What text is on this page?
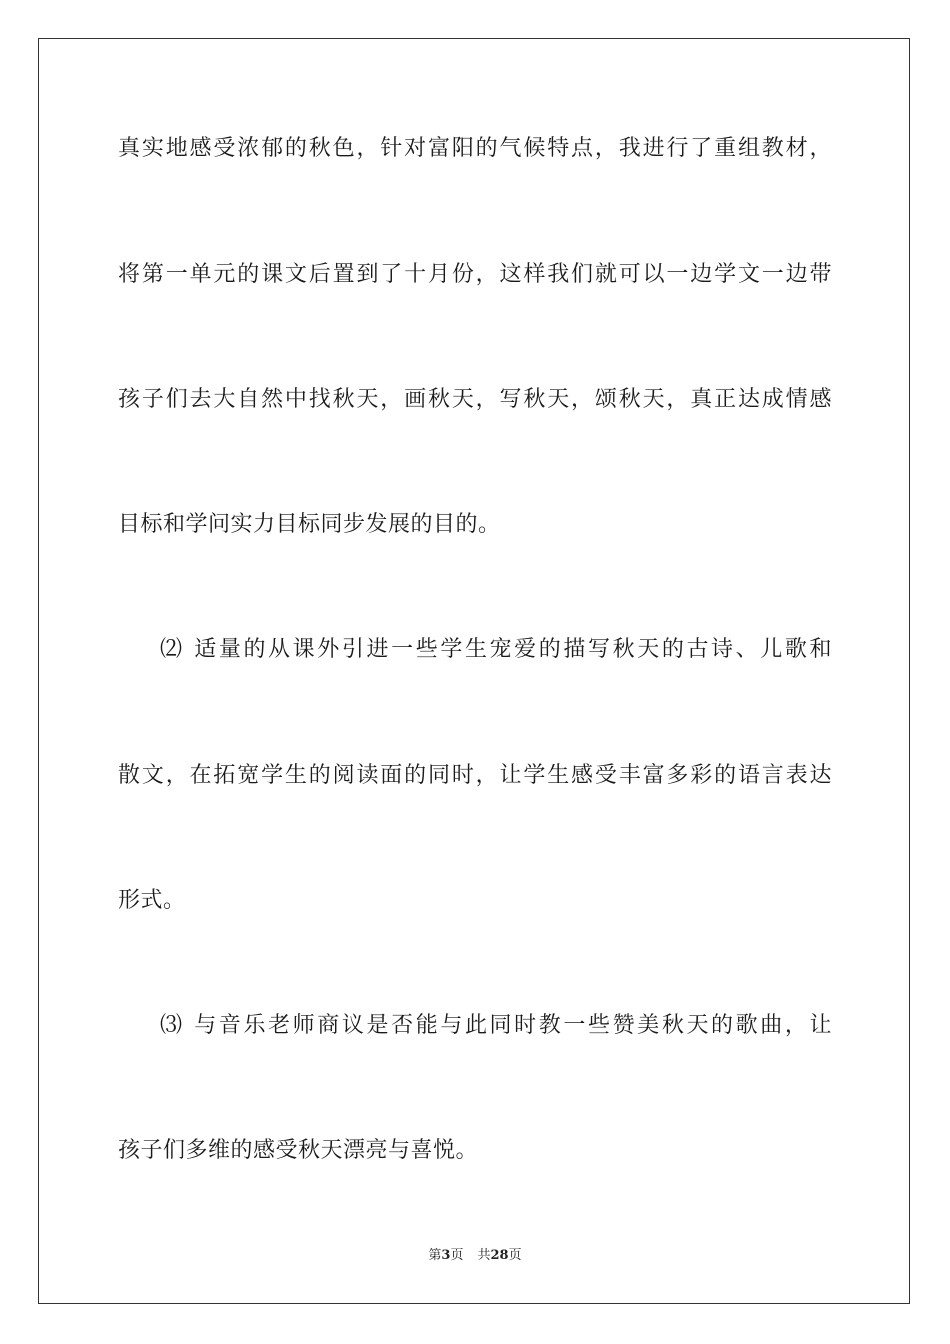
真实地感受浓郁的秋色，针对富阳的气候特点，我进行了重组教材，
将第一单元的课文后置到了十月份，这样我们就可以一边学文一边带
孩子们去大自然中找秋天，画秋天，写秋天，颂秋天，真正达成情感
目标和学问实力目标同步发展的目的。
⑵ 适量的从课外引进一些学生宠爱的描写秋天的古诗、儿歌和
散文，在拓宽学生的阅读面的同时，让学生感受丰富多彩的语言表达
形式。
⑶ 与音乐老师商议是否能与此同时教一些赞美秋天的歌曲，让
孩子们多维的感受秋天漂亮与喜悦。
第3页 共28页
